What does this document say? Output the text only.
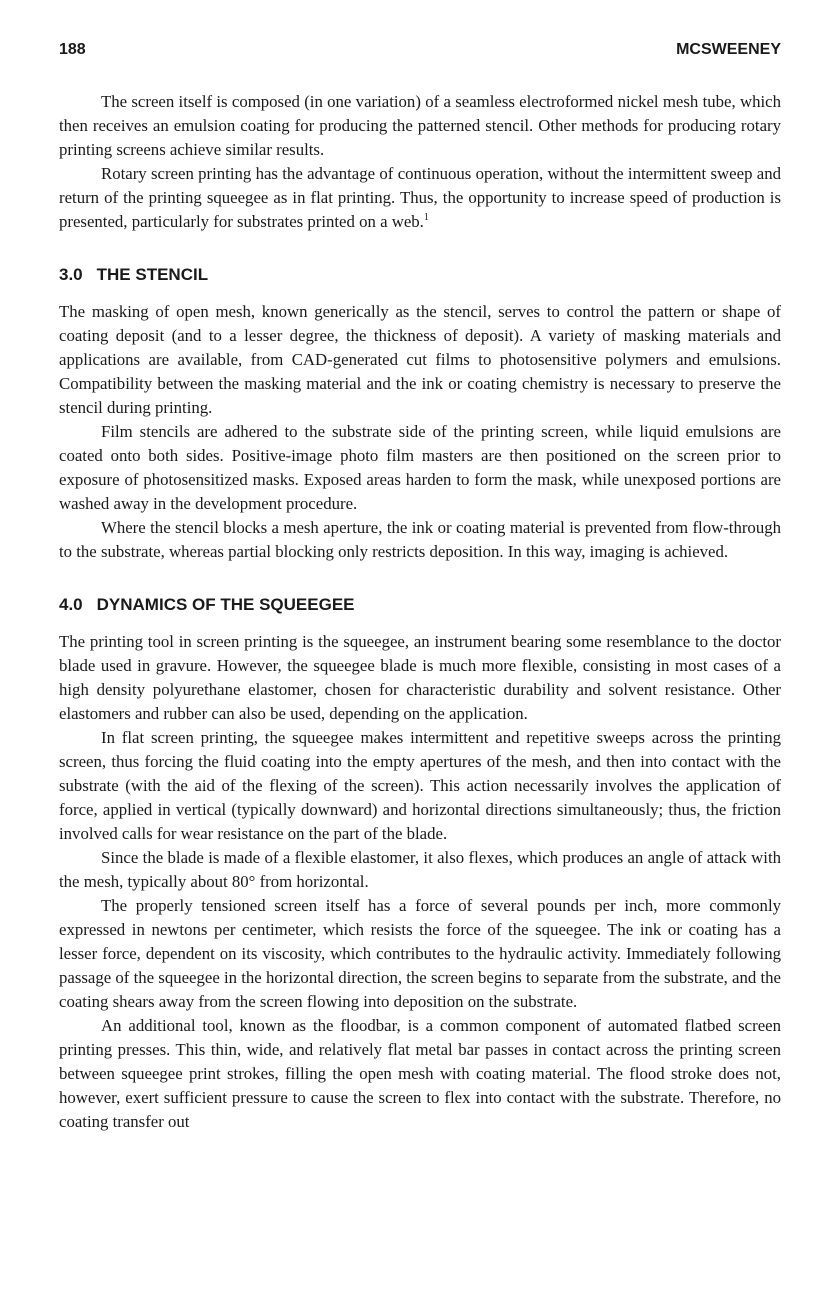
188	MCSWEENEY

The screen itself is composed (in one variation) of a seamless electroformed nickel mesh tube, which then receives an emulsion coating for producing the patterned stencil. Other methods for producing rotary printing screens achieve similar results.

Rotary screen printing has the advantage of continuous operation, without the intermittent sweep and return of the printing squeegee as in flat printing. Thus, the opportunity to increase speed of production is presented, particularly for substrates printed on a web.$^1$

3.0 THE STENCIL

The masking of open mesh, known generically as the stencil, serves to control the pattern or shape of coating deposit (and to a lesser degree, the thickness of deposit). A variety of masking materials and applications are available, from CAD-generated cut films to photosensitive polymers and emulsions. Compatibility between the masking material and the ink or coating chemistry is necessary to preserve the stencil during printing.

Film stencils are adhered to the substrate side of the printing screen, while liquid emulsions are coated onto both sides. Positive-image photo film masters are then positioned on the screen prior to exposure of photosensitized masks. Exposed areas harden to form the mask, while unexposed portions are washed away in the development procedure.

Where the stencil blocks a mesh aperture, the ink or coating material is prevented from flow-through to the substrate, whereas partial blocking only restricts deposition. In this way, imaging is achieved.

4.0 DYNAMICS OF THE SQUEEGEE

The printing tool in screen printing is the squeegee, an instrument bearing some resemblance to the doctor blade used in gravure. However, the squeegee blade is much more flexible, consisting in most cases of a high density polyurethane elastomer, chosen for characteristic durability and solvent resistance. Other elastomers and rubber can also be used, depending on the application.

In flat screen printing, the squeegee makes intermittent and repetitive sweeps across the printing screen, thus forcing the fluid coating into the empty apertures of the mesh, and then into contact with the substrate (with the aid of the flexing of the screen). This action necessarily involves the application of force, applied in vertical (typically downward) and horizontal directions simultaneously; thus, the friction involved calls for wear resistance on the part of the blade.

Since the blade is made of a flexible elastomer, it also flexes, which produces an angle of attack with the mesh, typically about 80° from horizontal.

The properly tensioned screen itself has a force of several pounds per inch, more commonly expressed in newtons per centimeter, which resists the force of the squeegee. The ink or coating has a lesser force, dependent on its viscosity, which contributes to the hydraulic activity. Immediately following passage of the squeegee in the horizontal direction, the screen begins to separate from the substrate, and the coating shears away from the screen flowing into deposition on the substrate.

An additional tool, known as the floodbar, is a common component of automated flatbed screen printing presses. This thin, wide, and relatively flat metal bar passes in contact across the printing screen between squeegee print strokes, filling the open mesh with coating material. The flood stroke does not, however, exert sufficient pressure to cause the screen to flex into contact with the substrate. Therefore, no coating transfer out
